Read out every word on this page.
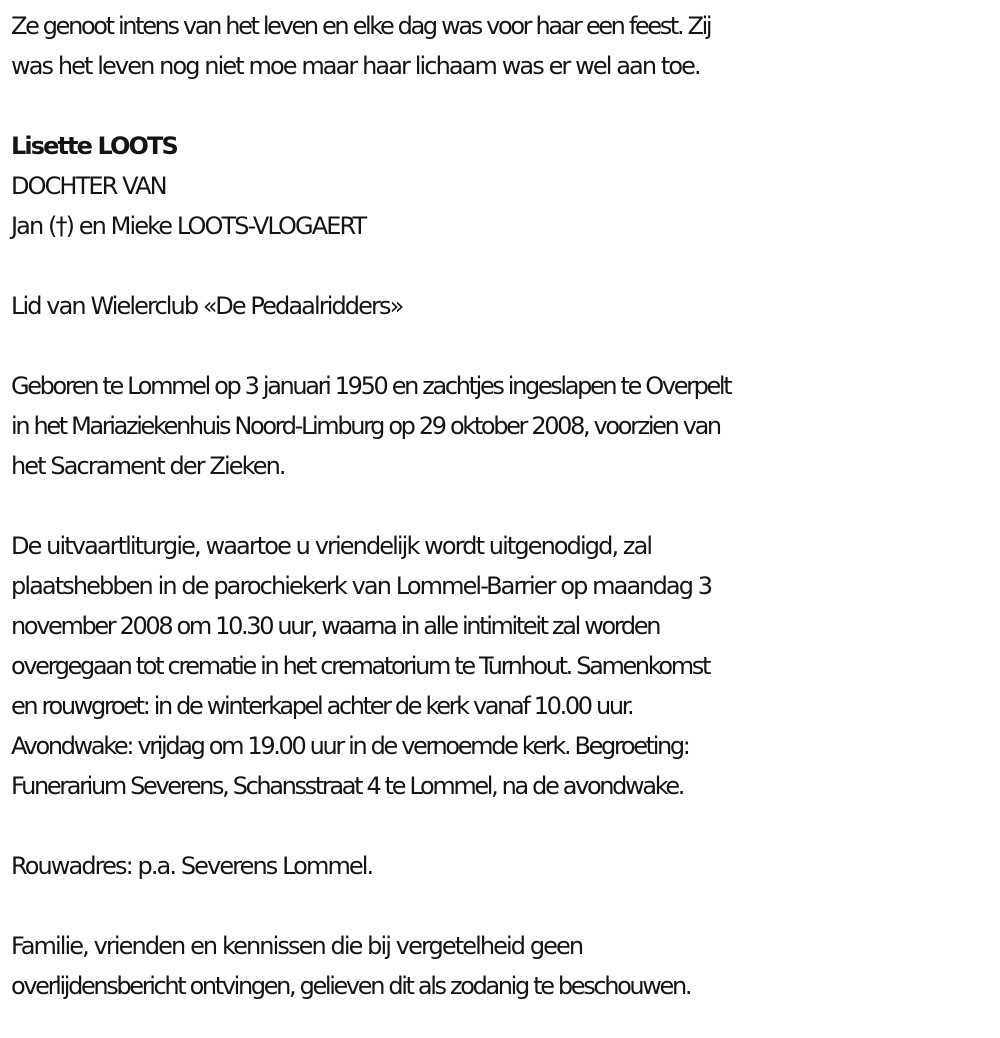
Ze genoot intens van het leven en elke dag was voor haar een feest. Zij
was het leven nog niet moe maar haar lichaam was er wel aan toe.
Lisette LOOTS
DOCHTER VAN
Jan (†) en Mieke LOOTS-VLOGAERT
Lid van Wielerclub «De Pedaalridders»
Geboren te Lommel op 3 januari 1950 en zachtjes ingeslapen te Overpelt
in het Mariaziekenhuis Noord-Limburg op 29 oktober 2008, voorzien van
het Sacrament der Zieken.
De uitvaartliturgie, waartoe u vriendelijk wordt uitgenodigd, zal
plaatshebben in de parochiekerk van Lommel-Barrier op maandag 3
november 2008 om 10.30 uur, waarna in alle intimiteit zal worden
overgegaan tot crematie in het crematorium te Turnhout. Samenkomst
en rouwgroet: in de winterkapel achter de kerk vanaf 10.00 uur.
Avondwake: vrijdag om 19.00 uur in de vernoemde kerk. Begroeting:
Funerarium Severens, Schansstraat 4 te Lommel, na de avondwake.
Rouwadres: p.a. Severens Lommel.
Familie, vrienden en kennissen die bij vergetelheid geen
overlijdensbericht ontvingen, gelieven dit als zodanig te beschouwen.
